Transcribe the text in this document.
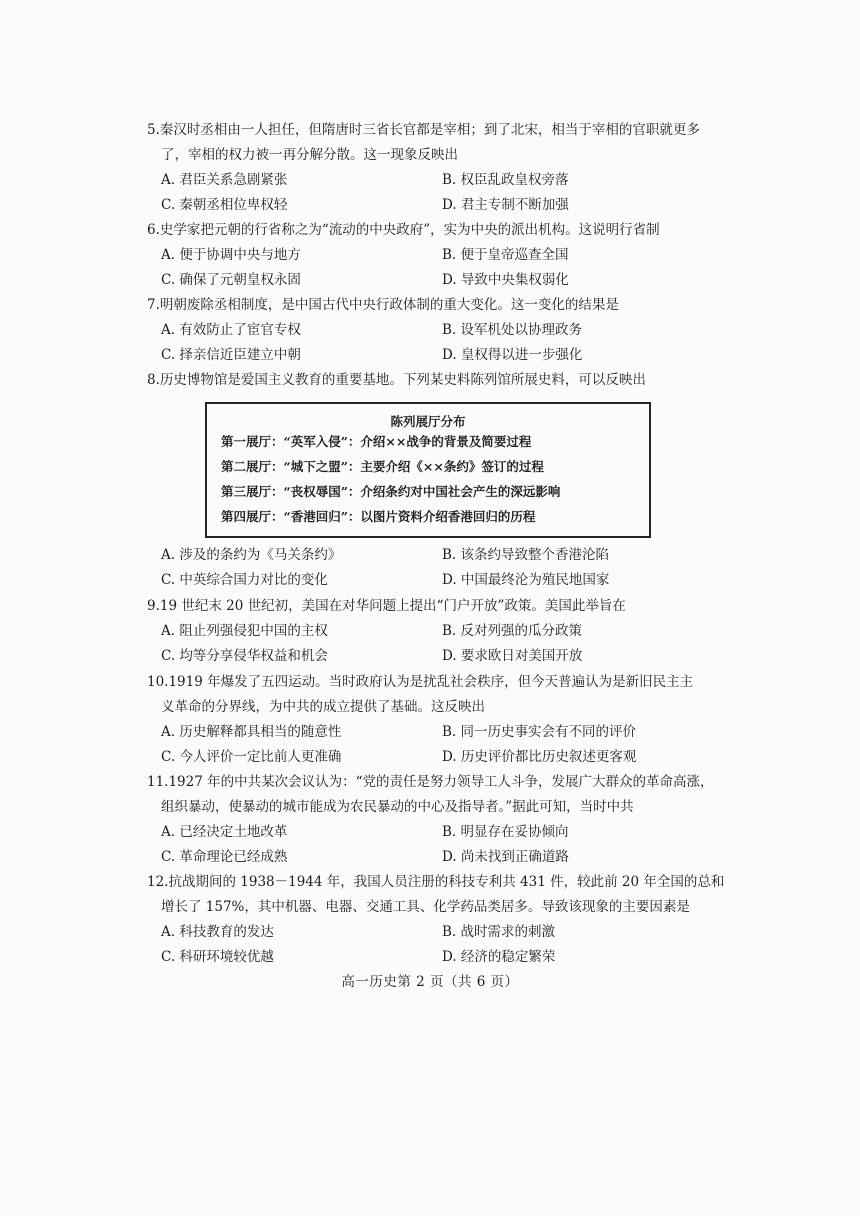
5.秦汉时丞相由一人担任，但隋唐时三省长官都是宰相；到了北宋，相当于宰相的官职就更多
了，宰相的权力被一再分解分散。这一现象反映出
A. 君臣关系急剧紧张	B. 权臣乱政皇权旁落
C. 秦朝丞相位卑权轻	D. 君主专制不断加强
6.史学家把元朝的行省称之为“流动的中央政府”，实为中央的派出机构。这说明行省制
A. 便于协调中央与地方	B. 便于皇帝巡查全国
C. 确保了元朝皇权永固	D. 导致中央集权弱化
7.明朝废除丞相制度，是中国古代中央行政体制的重大变化。这一变化的结果是
A. 有效防止了宦官专权	B. 设军机处以协理政务
C. 择亲信近臣建立中朝	D. 皇权得以进一步强化
8.历史博物馆是爱国主义教育的重要基地。下列某史料陈列馆所展史料，可以反映出
陈列展厅分布
第一展厅：“英军入侵”：介绍××战争的背景及简要过程
第二展厅：“城下之盟”：主要介绍《××条约》签订的过程
第三展厅：“丧权辱国”：介绍条约对中国社会产生的深远影响
第四展厅：“香港回归”：以图片资料介绍香港回归的历程
A. 涉及的条约为《马关条约》	B. 该条约导致整个香港沦陷
C. 中英综合国力对比的变化	D. 中国最终沦为殖民地国家
9.19 世纪末 20 世纪初，美国在对华问题上提出“门户开放”政策。美国此举旨在
A. 阻止列强侵犯中国的主权	B. 反对列强的瓜分政策
C. 均等分享侵华权益和机会	D. 要求欧日对美国开放
10.1919 年爆发了五四运动。当时政府认为是扰乱社会秩序，但今天普遍认为是新旧民主主
义革命的分界线，为中共的成立提供了基础。这反映出
A. 历史解释都具相当的随意性	B. 同一历史事实会有不同的评价
C. 今人评价一定比前人更准确	D. 历史评价都比历史叙述更客观
11.1927 年的中共某次会议认为：“党的责任是努力领导工人斗争，发展广大群众的革命高涨，
组织暴动，使暴动的城市能成为农民暴动的中心及指导者。”据此可知，当时中共
A. 已经决定土地改革	B. 明显存在妥协倾向
C. 革命理论已经成熟	D. 尚未找到正确道路
12.抗战期间的 1938－1944 年，我国人员注册的科技专利共 431 件，较此前 20 年全国的总和
增长了 157%，其中机器、电器、交通工具、化学药品类居多。导致该现象的主要因素是
A. 科技教育的发达	B. 战时需求的刺激
C. 科研环境较优越	D. 经济的稳定繁荣
高一历史第 2 页（共 6 页）
